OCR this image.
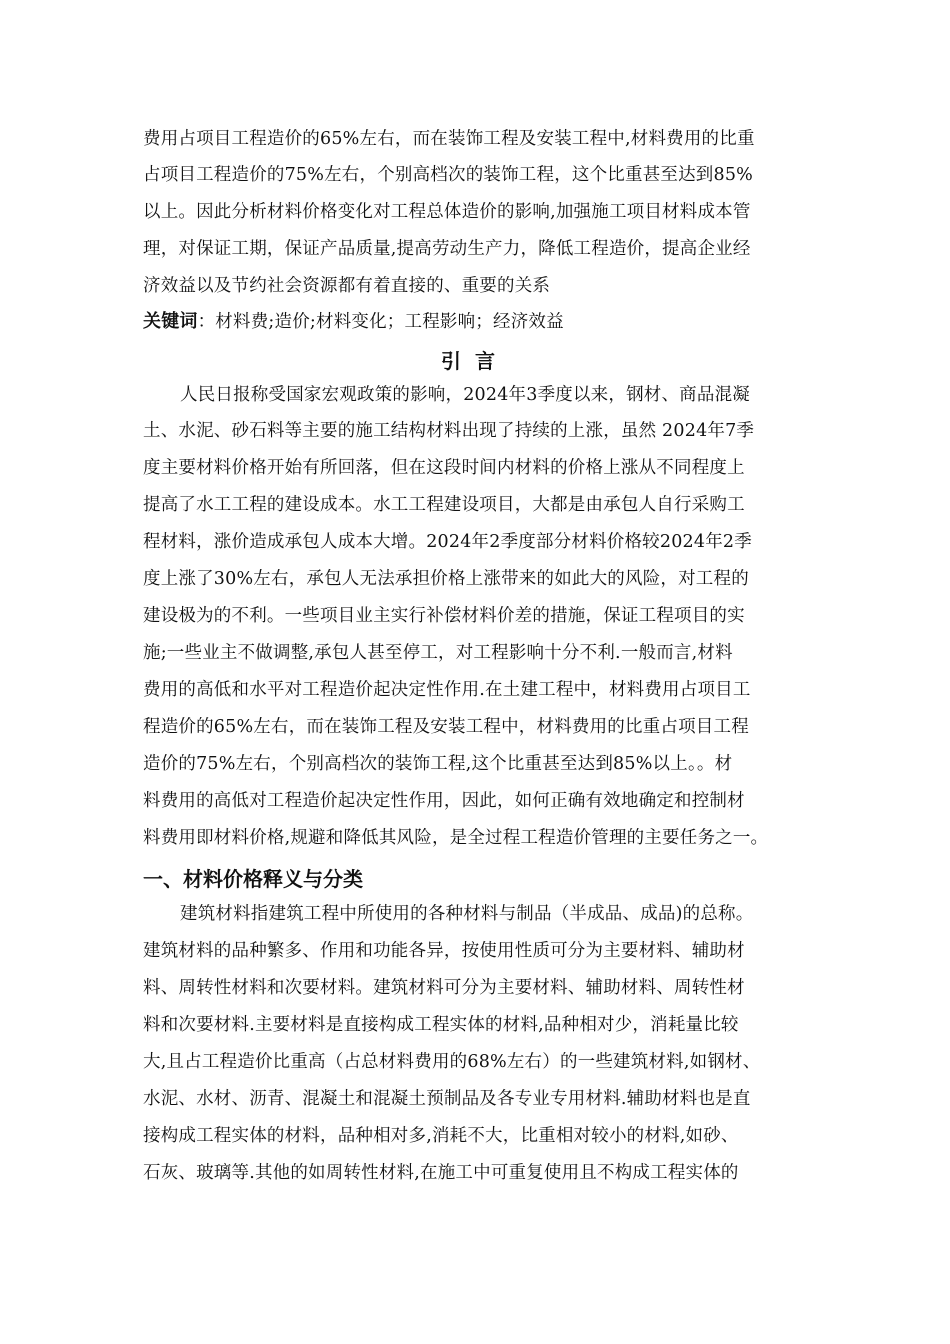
费用占项目工程造价的65%左右，而在装饰工程及安装工程中,材料费用的比重
占项目工程造价的75%左右，个别高档次的装饰工程，这个比重甚至达到85%
以上。因此分析材料价格变化对工程总体造价的影响,加强施工项目材料成本管
理，对保证工期，保证产品质量,提高劳动生产力，降低工程造价，提高企业经
济效益以及节约社会资源都有着直接的、重要的关系
关键词：材料费;造价;材料变化；工程影响；经济效益
引言
人民日报称受国家宏观政策的影响，2024年3季度以来，钢材、商品混凝
土、水泥、砂石料等主要的施工结构材料出现了持续的上涨，虽然 2024年7季
度主要材料价格开始有所回落，但在这段时间内材料的价格上涨从不同程度上
提高了水工工程的建设成本。水工工程建设项目，大都是由承包人自行采购工
程材料，涨价造成承包人成本大增。2024年2季度部分材料价格较2024年2季
度上涨了30%左右，承包人无法承担价格上涨带来的如此大的风险，对工程的
建设极为的不利。一些项目业主实行补偿材料价差的措施，保证工程项目的实
施;一些业主不做调整,承包人甚至停工，对工程影响十分不利.一般而言,材料
费用的高低和水平对工程造价起决定性作用.在土建工程中，材料费用占项目工
程造价的65%左右，而在装饰工程及安装工程中，材料费用的比重占项目工程
造价的75%左右，个别高档次的装饰工程,这个比重甚至达到85%以上。。材
料费用的高低对工程造价起决定性作用，因此，如何正确有效地确定和控制材
料费用即材料价格,规避和降低其风险，是全过程工程造价管理的主要任务之一。
一、材料价格释义与分类
建筑材料指建筑工程中所使用的各种材料与制品（半成品、成品)的总称。
建筑材料的品种繁多、作用和功能各异，按使用性质可分为主要材料、辅助材
料、周转性材料和次要材料。建筑材料可分为主要材料、辅助材料、周转性材
料和次要材料.主要材料是直接构成工程实体的材料,品种相对少，消耗量比较
大,且占工程造价比重高（占总材料费用的68%左右）的一些建筑材料,如钢材、
水泥、水材、沥青、混凝土和混凝土预制品及各专业专用材料.辅助材料也是直
接构成工程实体的材料，品种相对多,消耗不大，比重相对较小的材料,如砂、
石灰、玻璃等.其他的如周转性材料,在施工中可重复使用且不构成工程实体的
